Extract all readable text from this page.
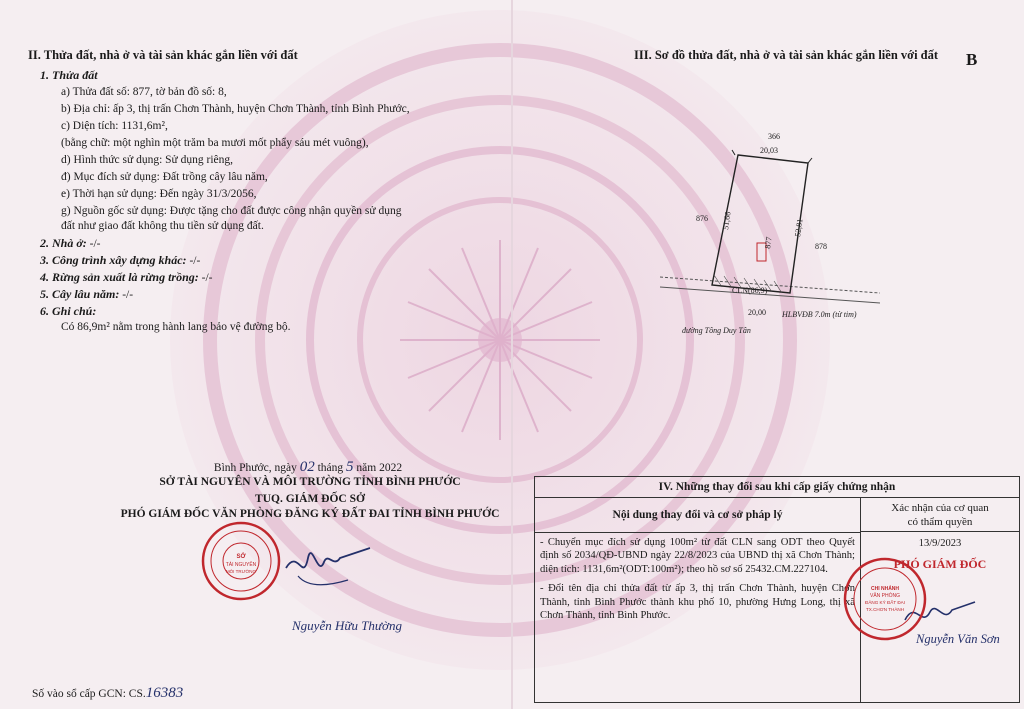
II. Thửa đất, nhà ở và tài sản khác gắn liền với đất
1. Thửa đất
a) Thửa đất số: 877, tờ bản đồ số: 8,
b) Địa chỉ: ấp 3, thị trấn Chơn Thành, huyện Chơn Thành, tỉnh Bình Phước,
c) Diện tích: 1131,6m²,
(bằng chữ: một nghìn một trăm ba mươi mốt phẩy sáu mét vuông),
d) Hình thức sử dụng: Sử dụng riêng,
đ) Mục đích sử dụng: Đất trồng cây lâu năm,
e) Thời hạn sử dụng: Đến ngày 31/3/2056,
g) Nguồn gốc sử dụng: Được tặng cho đất được công nhận quyền sử dụng
đất như giao đất không thu tiền sử dụng đất.
2. Nhà ở: -/-
3. Công trình xây dựng khác: -/-
4. Rừng sản xuất là rừng trồng: -/-
5. Cây lâu năm: -/-
6. Ghi chú:
Có 86,9m² nằm trong hành lang bảo vệ đường bộ.
III. Sơ đồ thửa đất, nhà ở và tài sản khác gắn liền với đất B
366
20,03
876
878
51,66	52,81
877
CLN(86,9)
20,00 HLBVĐB 7.0m (từ tim)
đường Tông Duy Tân
Bình Phước, ngày 02 tháng 5 năm 2022
SỞ TÀI NGUYÊN VÀ MÔI TRƯỜNG TỈNH BÌNH PHƯỚC
TUQ. GIÁM ĐỐC SỞ
PHÓ GIÁM ĐỐC VĂN PHÒNG ĐĂNG KÝ ĐẤT ĐAI TỈNH BÌNH PHƯỚC
SỞ
TÀI NGUYÊN
MÔI TRƯỜNG
Nguyễn Hữu Thường
Số vào sổ cấp GCN: CS.16383
IV. Những thay đổi sau khi cấp giấy chứng nhận
Nội dung thay đổi và cơ sở pháp lý
- Chuyển mục đích sử dụng 100m² từ đất CLN sang ODT theo Quyết định số 2034/QĐ-UBND ngày 22/8/2023 của UBND thị xã Chơn Thành; diện tích: 1131,6m²(ODT:100m²); theo hồ sơ số 25432.CM.227104.
- Đổi tên địa chỉ thửa đất từ ấp 3, thị trấn Chơn Thành, huyện Chơn Thành, tỉnh Bình Phước thành khu phố 10, phường Hưng Long, thị xã Chơn Thành, tỉnh Bình Phước.
Xác nhận của cơ quan
có thẩm quyền
13/9/2023
PHÓ GIÁM ĐỐC
CHI NHÁNH
VĂN PHÒNG
ĐĂNG KÝ ĐẤT ĐAI
TX.CHƠN THÀNH
Nguyễn Văn Sơn
